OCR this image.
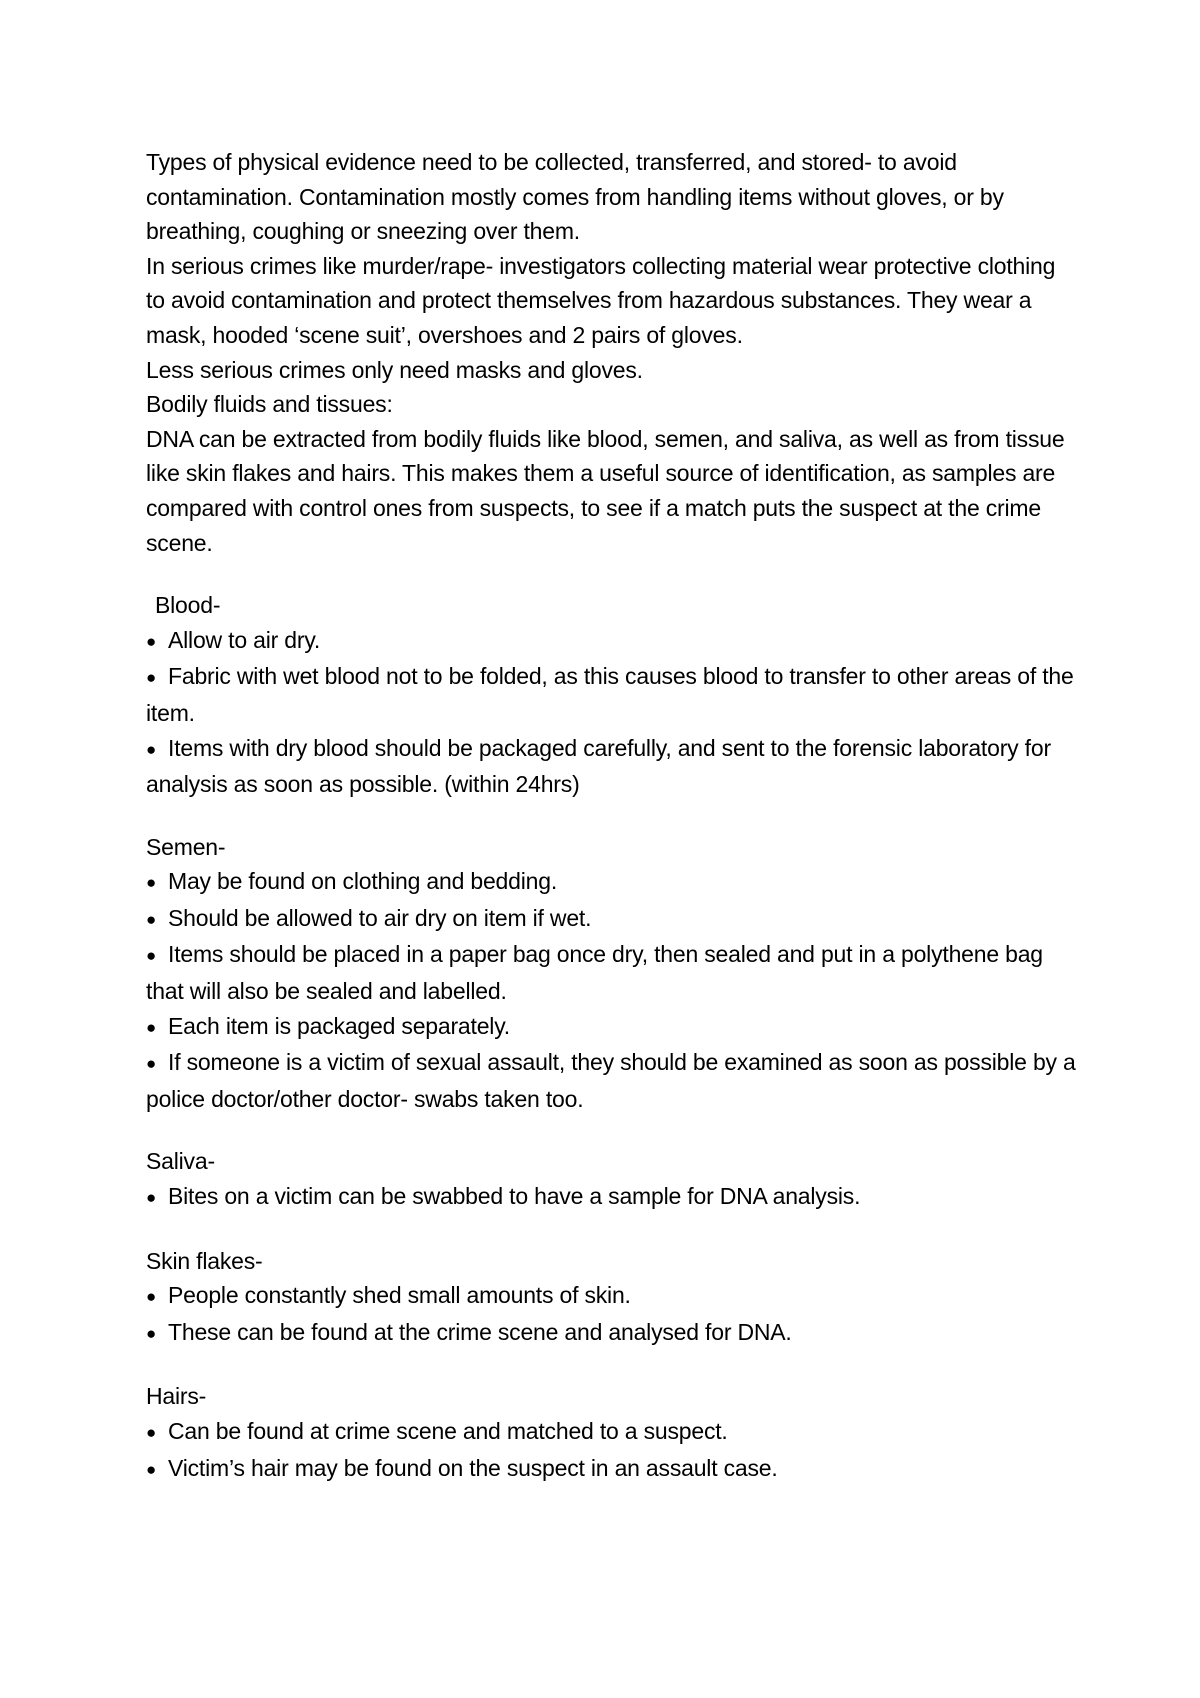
Types of physical evidence need to be collected, transferred, and stored- to avoid contamination. Contamination mostly comes from handling items without gloves, or by breathing, coughing or sneezing over them.
In serious crimes like murder/rape- investigators collecting material wear protective clothing to avoid contamination and protect themselves from hazardous substances. They wear a mask, hooded ‘scene suit’, overshoes and 2 pairs of gloves.
Less serious crimes only need masks and gloves.
Bodily fluids and tissues:
DNA can be extracted from bodily fluids like blood, semen, and saliva, as well as from tissue like skin flakes and hairs. This makes them a useful source of identification, as samples are compared with control ones from suspects, to see if a match puts the suspect at the crime scene.
Blood-
● Allow to air dry.
● Fabric with wet blood not to be folded, as this causes blood to transfer to other areas of the item.
● Items with dry blood should be packaged carefully, and sent to the forensic laboratory for analysis as soon as possible. (within 24hrs)
Semen-
● May be found on clothing and bedding.
● Should be allowed to air dry on item if wet.
● Items should be placed in a paper bag once dry, then sealed and put in a polythene bag that will also be sealed and labelled.
● Each item is packaged separately.
● If someone is a victim of sexual assault, they should be examined as soon as possible by a police doctor/other doctor- swabs taken too.
Saliva-
● Bites on a victim can be swabbed to have a sample for DNA analysis.
Skin flakes-
● People constantly shed small amounts of skin.
● These can be found at the crime scene and analysed for DNA.
Hairs-
● Can be found at crime scene and matched to a suspect.
● Victim’s hair may be found on the suspect in an assault case.
